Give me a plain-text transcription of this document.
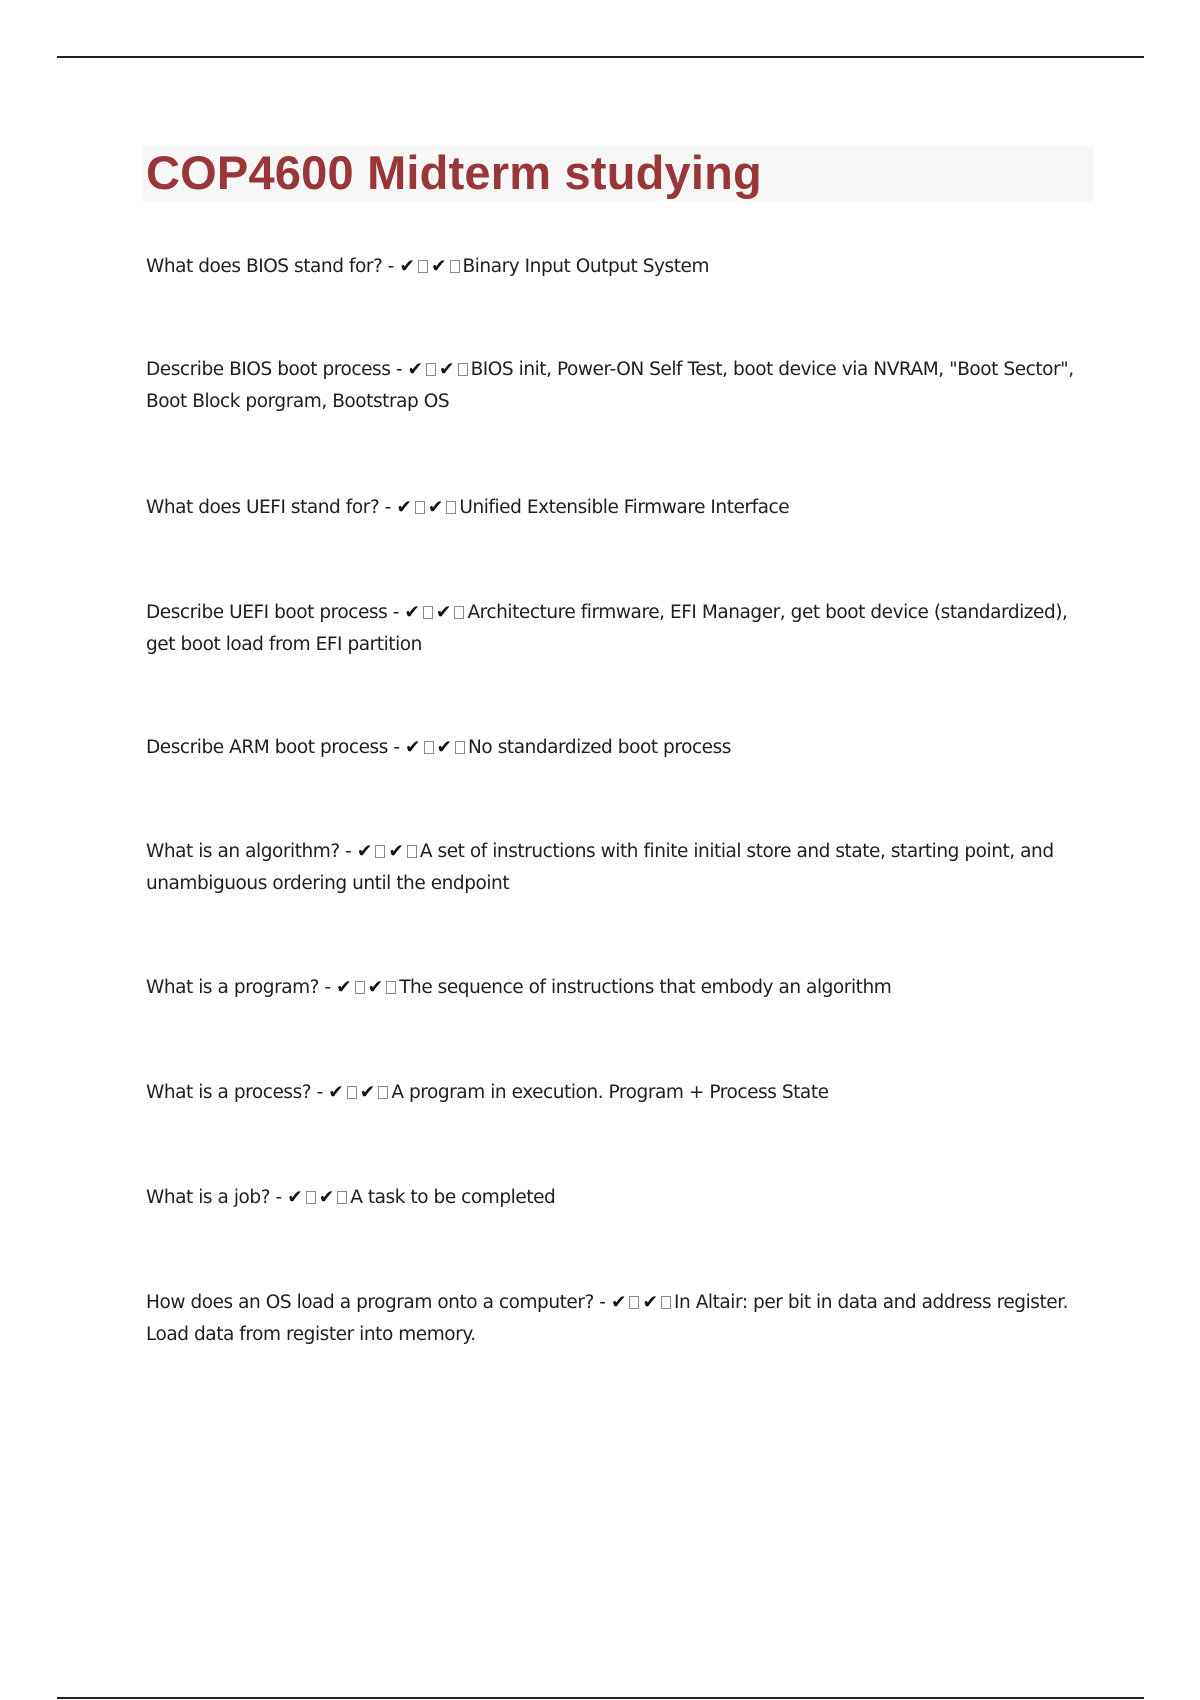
COP4600 Midterm studying

What does BIOS stand for? - ✔ ✔ Binary Input Output System

Describe BIOS boot process - ✔ ✔ BIOS init, Power-ON Self Test, boot device via NVRAM, "Boot Sector", Boot Block porgram, Bootstrap OS

What does UEFI stand for? - ✔ ✔ Unified Extensible Firmware Interface

Describe UEFI boot process - ✔ ✔ Architecture firmware, EFI Manager, get boot device (standardized), get boot load from EFI partition

Describe ARM boot process - ✔ ✔ No standardized boot process

What is an algorithm? - ✔ ✔ A set of instructions with finite initial store and state, starting point, and unambiguous ordering until the endpoint

What is a program? - ✔ ✔ The sequence of instructions that embody an algorithm

What is a process? - ✔ ✔ A program in execution. Program + Process State

What is a job? - ✔ ✔ A task to be completed

How does an OS load a program onto a computer? - ✔ ✔ In Altair: per bit in data and address register. Load data from register into memory.
